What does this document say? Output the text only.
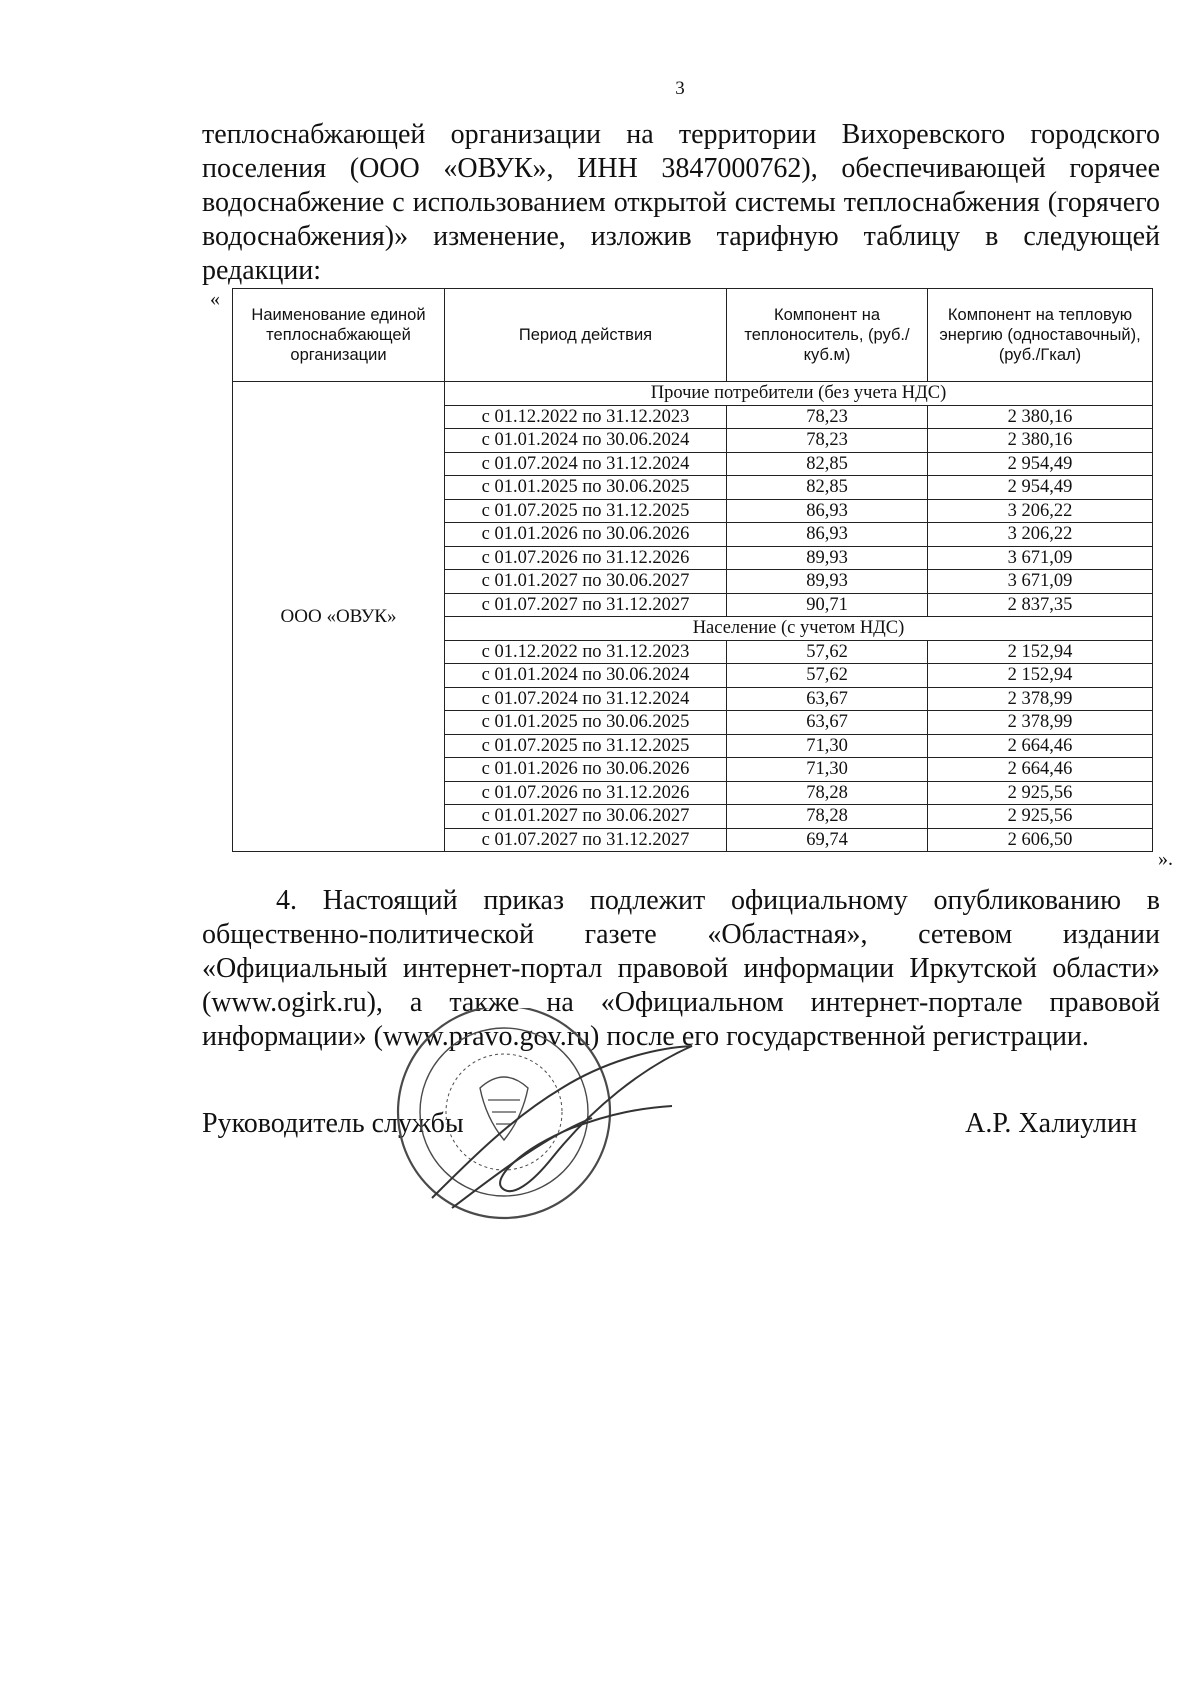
3

теплоснабжающей организации на территории Вихоревского городского поселения (ООО «ОВУК», ИНН 3847000762), обеспечивающей горячее водоснабжение с использованием открытой системы теплоснабжения (горячего водоснабжения)» изменение, изложив тарифную таблицу в следующей редакции:

«
Наименование единой теплоснабжающей организации	Период действия	Компонент на теплоноситель, (руб./куб.м)	Компонент на тепловую энергию (одноставочный), (руб./Гкал)
ООО «ОВУК»	Прочие потребители (без учета НДС)		
	с 01.12.2022 по 31.12.2023	78,23	2 380,16
	с 01.01.2024 по 30.06.2024	78,23	2 380,16
	с 01.07.2024 по 31.12.2024	82,85	2 954,49
	с 01.01.2025 по 30.06.2025	82,85	2 954,49
	с 01.07.2025 по 31.12.2025	86,93	3 206,22
	с 01.01.2026 по 30.06.2026	86,93	3 206,22
	с 01.07.2026 по 31.12.2026	89,93	3 671,09
	с 01.01.2027 по 30.06.2027	89,93	3 671,09
	с 01.07.2027 по 31.12.2027	90,71	2 837,35
	Население (с учетом НДС)		
	с 01.12.2022 по 31.12.2023	57,62	2 152,94
	с 01.01.2024 по 30.06.2024	57,62	2 152,94
	с 01.07.2024 по 31.12.2024	63,67	2 378,99
	с 01.01.2025 по 30.06.2025	63,67	2 378,99
	с 01.07.2025 по 31.12.2025	71,30	2 664,46
	с 01.01.2026 по 30.06.2026	71,30	2 664,46
	с 01.07.2026 по 31.12.2026	78,28	2 925,56
	с 01.01.2027 по 30.06.2027	78,28	2 925,56
	с 01.07.2027 по 31.12.2027	69,74	2 606,50
».

4. Настоящий приказ подлежит официальному опубликованию в общественно-политической газете «Областная», сетевом издании «Официальный интернет-портал правовой информации Иркутской области» (www.ogirk.ru), а также на «Официальном интернет-портале правовой информации» (www.pravo.gov.ru) после его государственной регистрации.

Руководитель службы	А.Р. Халиулин
